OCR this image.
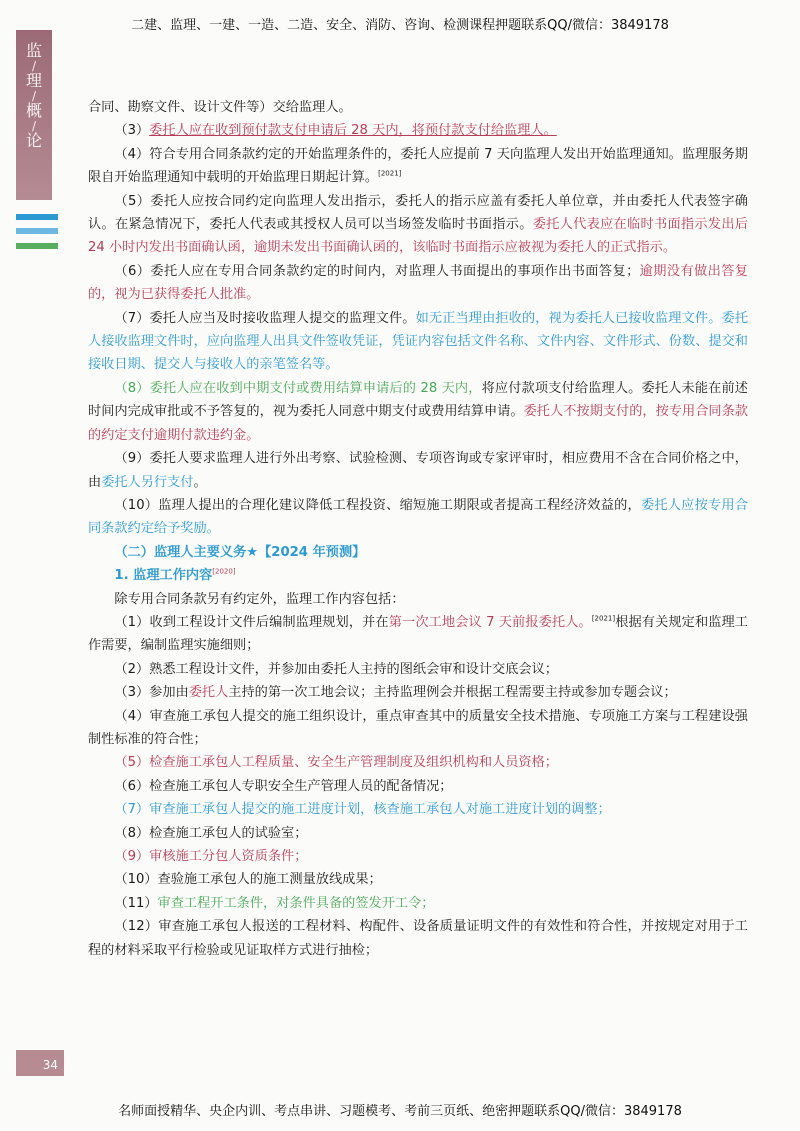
二建、监理、一建、一造、二造、安全、消防、咨询、检测课程押题联系QQ/微信：3849178
监
/
理
/
概
/
论

合同、勘察文件、设计文件等）交给监理人。

（3）委托人应在收到预付款支付申请后 28 天内，将预付款支付给监理人。

（4）符合专用合同条款约定的开始监理条件的，委托人应提前 7 天向监理人发出开始监理通知。监理服务期限自开始监理通知中载明的开始监理日期起计算。[2021]

（5）委托人应按合同约定向监理人发出指示，委托人的指示应盖有委托人单位章，并由委托人代表签字确认。在紧急情况下，委托人代表或其授权人员可以当场签发临时书面指示。委托人代表应在临时书面指示发出后 24 小时内发出书面确认函，逾期未发出书面确认函的，该临时书面指示应被视为委托人的正式指示。

（6）委托人应在专用合同条款约定的时间内，对监理人书面提出的事项作出书面答复；逾期没有做出答复的，视为已获得委托人批准。

（7）委托人应当及时接收监理人提交的监理文件。如无正当理由拒收的，视为委托人已接收监理文件。委托人接收监理文件时，应向监理人出具文件签收凭证，凭证内容包括文件名称、文件内容、文件形式、份数、提交和接收日期、提交人与接收人的亲笔签名等。

（8）委托人应在收到中期支付或费用结算申请后的 28 天内，将应付款项支付给监理人。委托人未能在前述时间内完成审批或不予答复的，视为委托人同意中期支付或费用结算申请。委托人不按期支付的，按专用合同条款的约定支付逾期付款违约金。

（9）委托人要求监理人进行外出考察、试验检测、专项咨询或专家评审时，相应费用不含在合同价格之中，由委托人另行支付。

（10）监理人提出的合理化建议降低工程投资、缩短施工期限或者提高工程经济效益的，委托人应按专用合同条款约定给予奖励。

（二）监理人主要义务★【2024 年预测】

1. 监理工作内容[2020]

除专用合同条款另有约定外，监理工作内容包括：

（1）收到工程设计文件后编制监理规划，并在第一次工地会议 7 天前报委托人。[2021]根据有关规定和监理工作需要，编制监理实施细则；

（2）熟悉工程设计文件，并参加由委托人主持的图纸会审和设计交底会议；

（3）参加由委托人主持的第一次工地会议；主持监理例会并根据工程需要主持或参加专题会议；

（4）审查施工承包人提交的施工组织设计，重点审查其中的质量安全技术措施、专项施工方案与工程建设强制性标准的符合性；

（5）检查施工承包人工程质量、安全生产管理制度及组织机构和人员资格；

（6）检查施工承包人专职安全生产管理人员的配备情况；

（7）审查施工承包人提交的施工进度计划，核查施工承包人对施工进度计划的调整；

（8）检查施工承包人的试验室；

（9）审核施工分包人资质条件；

（10）查验施工承包人的施工测量放线成果；

（11）审查工程开工条件，对条件具备的签发开工令；

（12）审查施工承包人报送的工程材料、构配件、设备质量证明文件的有效性和符合性，并按规定对用于工程的材料采取平行检验或见证取样方式进行抽检；

34
名师面授精华、央企内训、考点串讲、习题模考、考前三页纸、绝密押题联系QQ/微信：3849178
